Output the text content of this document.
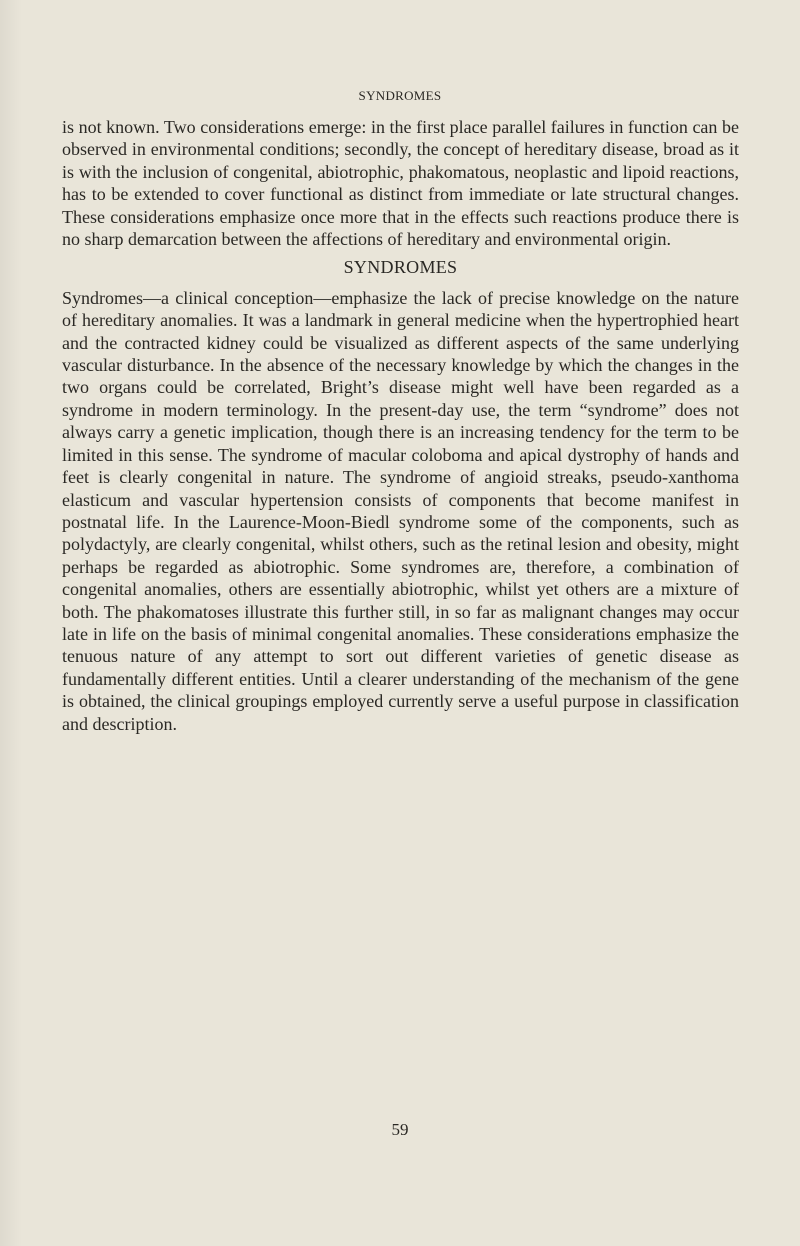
SYNDROMES

is not known. Two considerations emerge: in the first place parallel failures in function can be observed in environmental conditions; secondly, the concept of hereditary disease, broad as it is with the inclusion of congenital, abiotrophic, phakomatous, neoplastic and lipoid reactions, has to be extended to cover functional as distinct from immediate or late structural changes. These considerations emphasize once more that in the effects such reactions produce there is no sharp demarcation between the affections of hereditary and environmental origin.

SYNDROMES

Syndromes—a clinical conception—emphasize the lack of precise knowledge on the nature of hereditary anomalies. It was a landmark in general medicine when the hypertrophied heart and the contracted kidney could be visualized as different aspects of the same underlying vascular disturbance. In the absence of the necessary knowledge by which the changes in the two organs could be correlated, Bright’s disease might well have been regarded as a syndrome in modern terminology. In the present-day use, the term “syndrome” does not always carry a genetic implication, though there is an increasing tendency for the term to be limited in this sense. The syndrome of macular coloboma and apical dystrophy of hands and feet is clearly congenital in nature. The syndrome of angioid streaks, pseudo-xanthoma elasticum and vascular hypertension consists of components that become manifest in postnatal life. In the Laurence-Moon-Biedl syndrome some of the components, such as polydactyly, are clearly congenital, whilst others, such as the retinal lesion and obesity, might perhaps be regarded as abiotrophic. Some syndromes are, therefore, a combination of congenital anomalies, others are essentially abiotrophic, whilst yet others are a mixture of both. The phakomatoses illustrate this further still, in so far as malignant changes may occur late in life on the basis of minimal congenital anomalies. These considerations emphasize the tenuous nature of any attempt to sort out different varieties of genetic disease as fundamentally different entities. Until a clearer understanding of the mechanism of the gene is obtained, the clinical groupings employed currently serve a useful purpose in classification and description.

59
